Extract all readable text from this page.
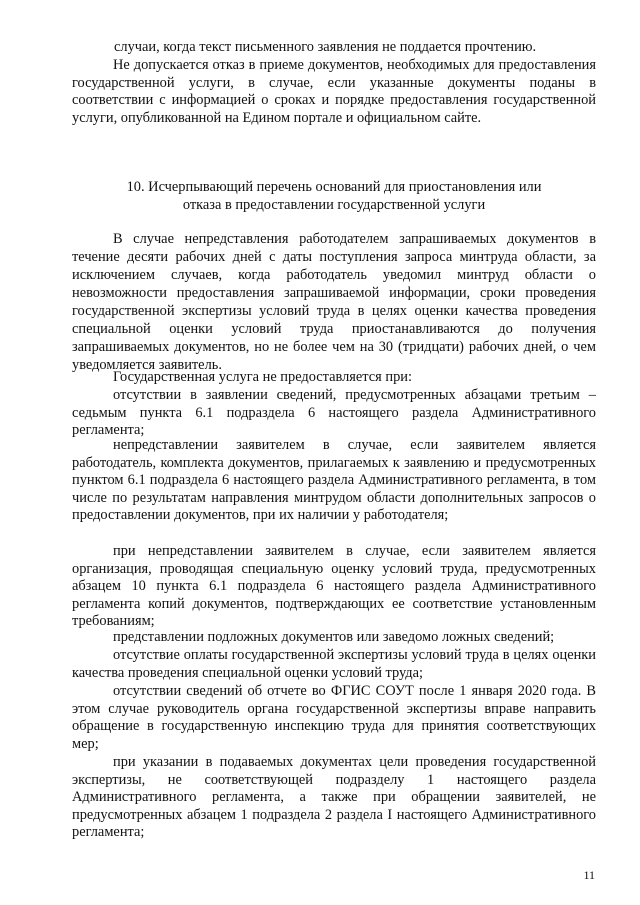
случаи, когда текст письменного заявления не поддается прочтению.

Не допускается отказ в приеме документов, необходимых для предоставления государственной услуги, в случае, если указанные документы поданы в соответствии с информацией о сроках и порядке предоставления государственной услуги, опубликованной на Едином портале и официальном сайте.

10. Исчерпывающий перечень оснований для приостановления или

отказа в предоставлении государственной услуги

В случае непредставления работодателем запрашиваемых документов в течение десяти рабочих дней с даты поступления запроса минтруда области, за исключением случаев, когда работодатель уведомил минтруд области о невозможности предоставления запрашиваемой информации, сроки проведения государственной экспертизы условий труда в целях оценки качества проведения специальной оценки условий труда приостанавливаются до получения запрашиваемых документов, но не более чем на 30 (тридцати) рабочих дней, о чем уведомляется заявитель.

Государственная услуга не предоставляется при:

отсутствии в заявлении сведений, предусмотренных абзацами третьим – седьмым пункта 6.1 подраздела 6 настоящего раздела Административного регламента;

непредставлении заявителем в случае, если заявителем является работодатель, комплекта документов, прилагаемых к заявлению и предусмотренных пунктом 6.1 подраздела 6 настоящего раздела Административного регламента, в том числе по результатам направления минтрудом области дополнительных запросов о предоставлении документов, при их наличии у работодателя;

при непредставлении заявителем в случае, если заявителем является организация, проводящая специальную оценку условий труда, предусмотренных абзацем 10 пункта 6.1 подраздела 6 настоящего раздела Административного регламента копий документов, подтверждающих ее соответствие установленным требованиям;

представлении подложных документов или заведомо ложных сведений;

отсутствие оплаты государственной экспертизы условий труда в целях оценки качества проведения специальной оценки условий труда;

отсутствии сведений об отчете во ФГИС СОУТ после 1 января 2020 года. В этом случае руководитель органа государственной экспертизы вправе направить обращение в государственную инспекцию труда для принятия соответствующих мер;

при указании в подаваемых документах цели проведения государственной экспертизы, не соответствующей подразделу 1 настоящего раздела Административного регламента, а также при обращении заявителей, не предусмотренных абзацем 1 подраздела 2 раздела I настоящего Административного регламента;

11
